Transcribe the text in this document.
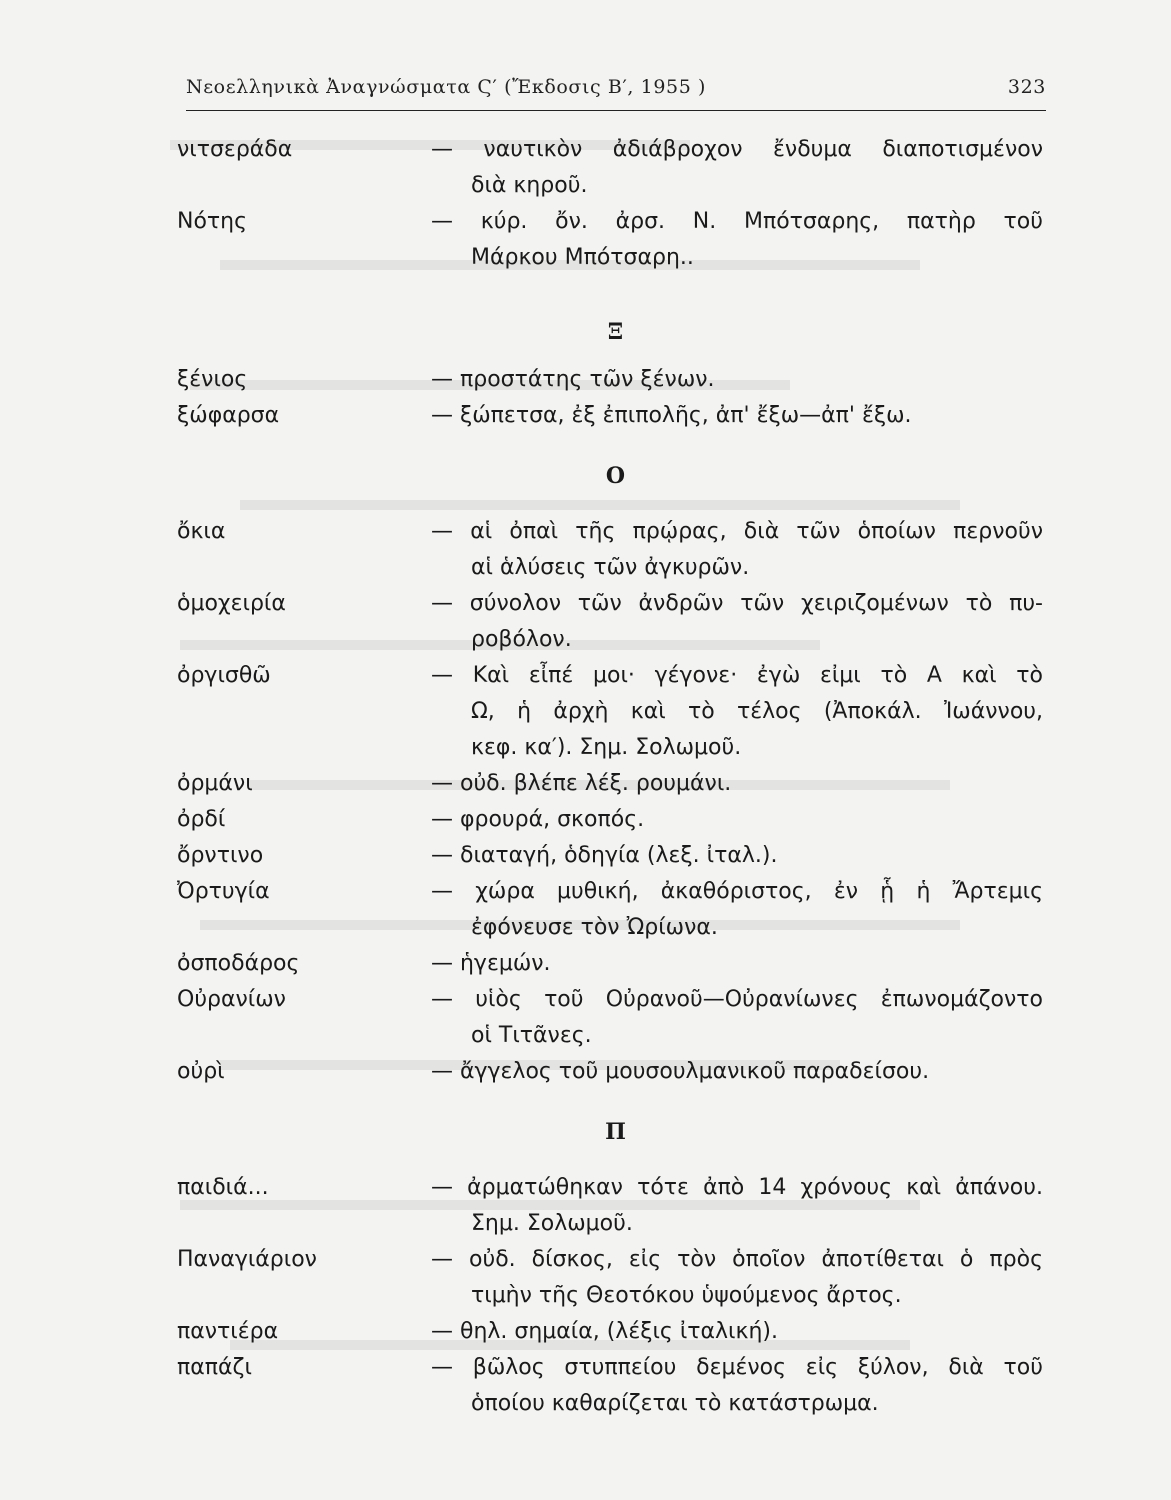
Νεοελληνικὰ Ἀναγνώσματα Ϛ′ (Ἔκδοσις Β′, 1955 )	323
νιτσεράδα	— ναυτικὸν ἀδιάβροχον ἔνδυμα διαποτισμένον
διὰ κηροῦ.
Νότης	— κύρ. ὄν. ἀρσ. Ν. Μπότσαρης, πατὴρ τοῦ
Μάρκου Μπότσαρη..
Ξ
ξένιος	— προστάτης τῶν ξένων.
ξώφαρσα	— ξώπετσα, ἐξ ἐπιπολῆς, ἀπ' ἔξω—ἀπ' ἔξω.
Ο
ὄκια	— αἱ ὀπαὶ τῆς πρῴρας, διὰ τῶν ὁποίων περνοῦν
αἱ ἁλύσεις τῶν ἀγκυρῶν.
ὁμοχειρία	— σύνολον τῶν ἀνδρῶν τῶν χειριζομένων τὸ πυ-
ροβόλον.
ὀργισθῶ	— Καὶ εἶπέ μοι· γέγονε· ἐγὼ εἰμι τὸ Α καὶ τὸ
Ω, ἡ ἀρχὴ καὶ τὸ τέλος (Ἀποκάλ. Ἰωάννου,
κεφ. κα′). Σημ. Σολωμοῦ.
ὀρμάνι	— οὐδ. βλέπε λέξ. ρουμάνι.
ὀρδί	— φρουρά, σκοπός.
ὄρντινο	— διαταγή, ὁδηγία (λεξ. ἰταλ.).
Ὀρτυγία	— χώρα μυθική, ἀκαθόριστος, ἐν ᾗ ἡ Ἄρτεμις
ἐφόνευσε τὸν Ὠρίωνα.
ὀσποδάρος	— ἡγεμών.
Οὐρανίων	— υἱὸς τοῦ Οὐρανοῦ—Οὐρανίωνες ἐπωνομάζοντο
οἱ Τιτᾶνες.
οὐρὶ	— ἄγγελος τοῦ μουσουλμανικοῦ παραδείσου.
Π
παιδιά...	— ἀρματώθηκαν τότε ἀπὸ 14 χρόνους καὶ ἀπάνου.
Σημ. Σολωμοῦ.
Παναγιάριον	— οὐδ. δίσκος, εἰς τὸν ὁποῖον ἀποτίθεται ὁ πρὸς
τιμὴν τῆς Θεοτόκου ὑψούμενος ἄρτος.
παντιέρα	— θηλ. σημαία, (λέξις ἰταλική).
παπάζι	— βῶλος στυππείου δεμένος εἰς ξύλον, διὰ τοῦ
ὁποίου καθαρίζεται τὸ κατάστρωμα.
